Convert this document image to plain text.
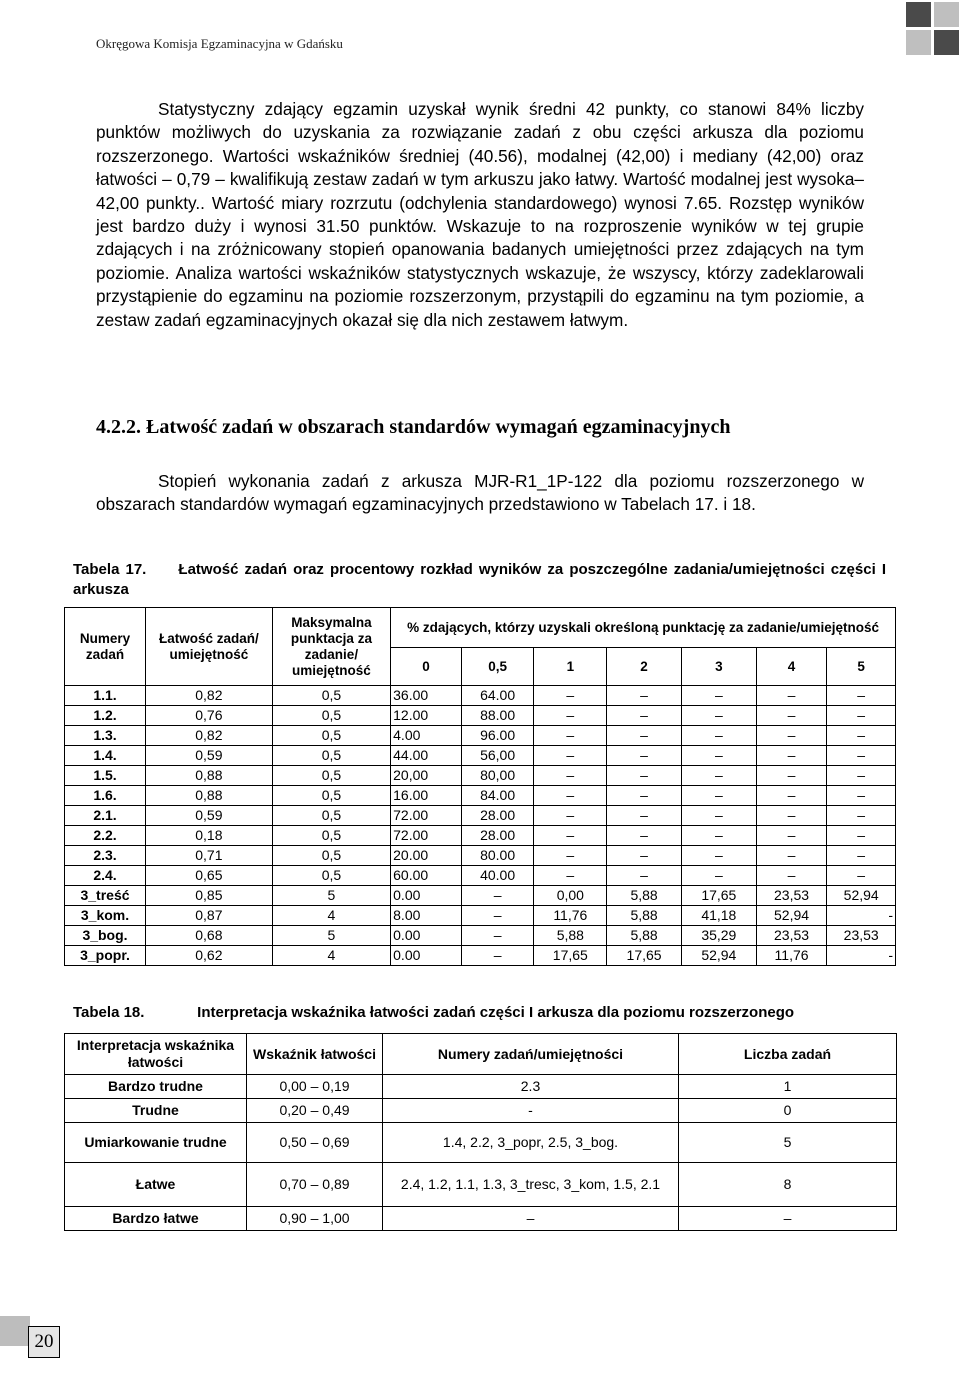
Okręgowa Komisja Egzaminacyjna w Gdańsku

Statystyczny zdający egzamin uzyskał wynik średni 42 punkty, co stanowi 84% liczby punktów możliwych do uzyskania za rozwiązanie zadań z obu części arkusza dla poziomu rozszerzonego. Wartości wskaźników średniej (40.56), modalnej (42,00) i mediany (42,00) oraz łatwości – 0,79 – kwalifikują zestaw zadań w tym arkuszu jako łatwy. Wartość modalnej jest wysoka– 42,00 punkty.. Wartość miary rozrzutu (odchylenia standardowego) wynosi 7.65. Rozstęp wyników jest bardzo duży i wynosi 31.50 punktów. Wskazuje to na rozproszenie wyników w tej grupie zdających i na zróżnicowany stopień opanowania badanych umiejętności przez zdających na tym poziomie. Analiza wartości wskaźników statystycznych wskazuje, że wszyscy, którzy zadeklarowali przystąpienie do egzaminu na poziomie rozszerzonym, przystąpili do egzaminu na tym poziomie, a zestaw zadań egzaminacyjnych okazał się dla nich zestawem łatwym.

4.2.2. Łatwość zadań w obszarach standardów wymagań egzaminacyjnych

Stopień wykonania zadań z arkusza MJR-R1_1P-122 dla poziomu rozszerzonego w obszarach standardów wymagań egzaminacyjnych przedstawiono w Tabelach 17. i 18.

Tabela 17. Łatwość zadań oraz procentowy rozkład wyników za poszczególne zadania/umiejętności części I arkusza

Numery zadań	Łatwość zadań/ umiejętność	Maksymalna punktacja za zadanie/ umiejętność	% zdających, którzy uzyskali określoną punktację za zadanie/umiejętność						
			0	0,5	1	2	3	4	5
1.1.	0,82	0,5	36.00	64.00	–	–	–	–	–
1.2.	0,76	0,5	12.00	88.00	–	–	–	–	–
1.3.	0,82	0,5	4.00	96.00	–	–	–	–	–
1.4.	0,59	0,5	44.00	56,00	–	–	–	–	–
1.5.	0,88	0,5	20,00	80,00	–	–	–	–	–
1.6.	0,88	0,5	16.00	84.00	–	–	–	–	–
2.1.	0,59	0,5	72.00	28.00	–	–	–	–	–
2.2.	0,18	0,5	72.00	28.00	–	–	–	–	–
2.3.	0,71	0,5	20.00	80.00	–	–	–	–	–
2.4.	0,65	0,5	60.00	40.00	–	–	–	–	–
3_treść	0,85	5	0.00	–	0,00	5,88	17,65	23,53	52,94
3_kom.	0,87	4	8.00	–	11,76	5,88	41,18	52,94	-
3_bog.	0,68	5	0.00	–	5,88	5,88	35,29	23,53	23,53
3_popr.	0,62	4	0.00	–	17,65	17,65	52,94	11,76	-

Tabela 18.	Interpretacja wskaźnika łatwości zadań części I arkusza dla poziomu rozszerzonego

Interpretacja wskaźnika łatwości	Wskaźnik łatwości	Numery zadań/umiejętności	Liczba zadań
Bardzo trudne	0,00 – 0,19	2.3	1
Trudne	0,20 – 0,49	-	0
Umiarkowanie trudne	0,50 – 0,69	1.4, 2.2, 3_popr, 2.5, 3_bog.	5
Łatwe	0,70 – 0,89	2.4, 1.2, 1.1, 1.3, 3_tresc, 3_kom, 1.5, 2.1	8
Bardzo łatwe	0,90 – 1,00	–	–
20
